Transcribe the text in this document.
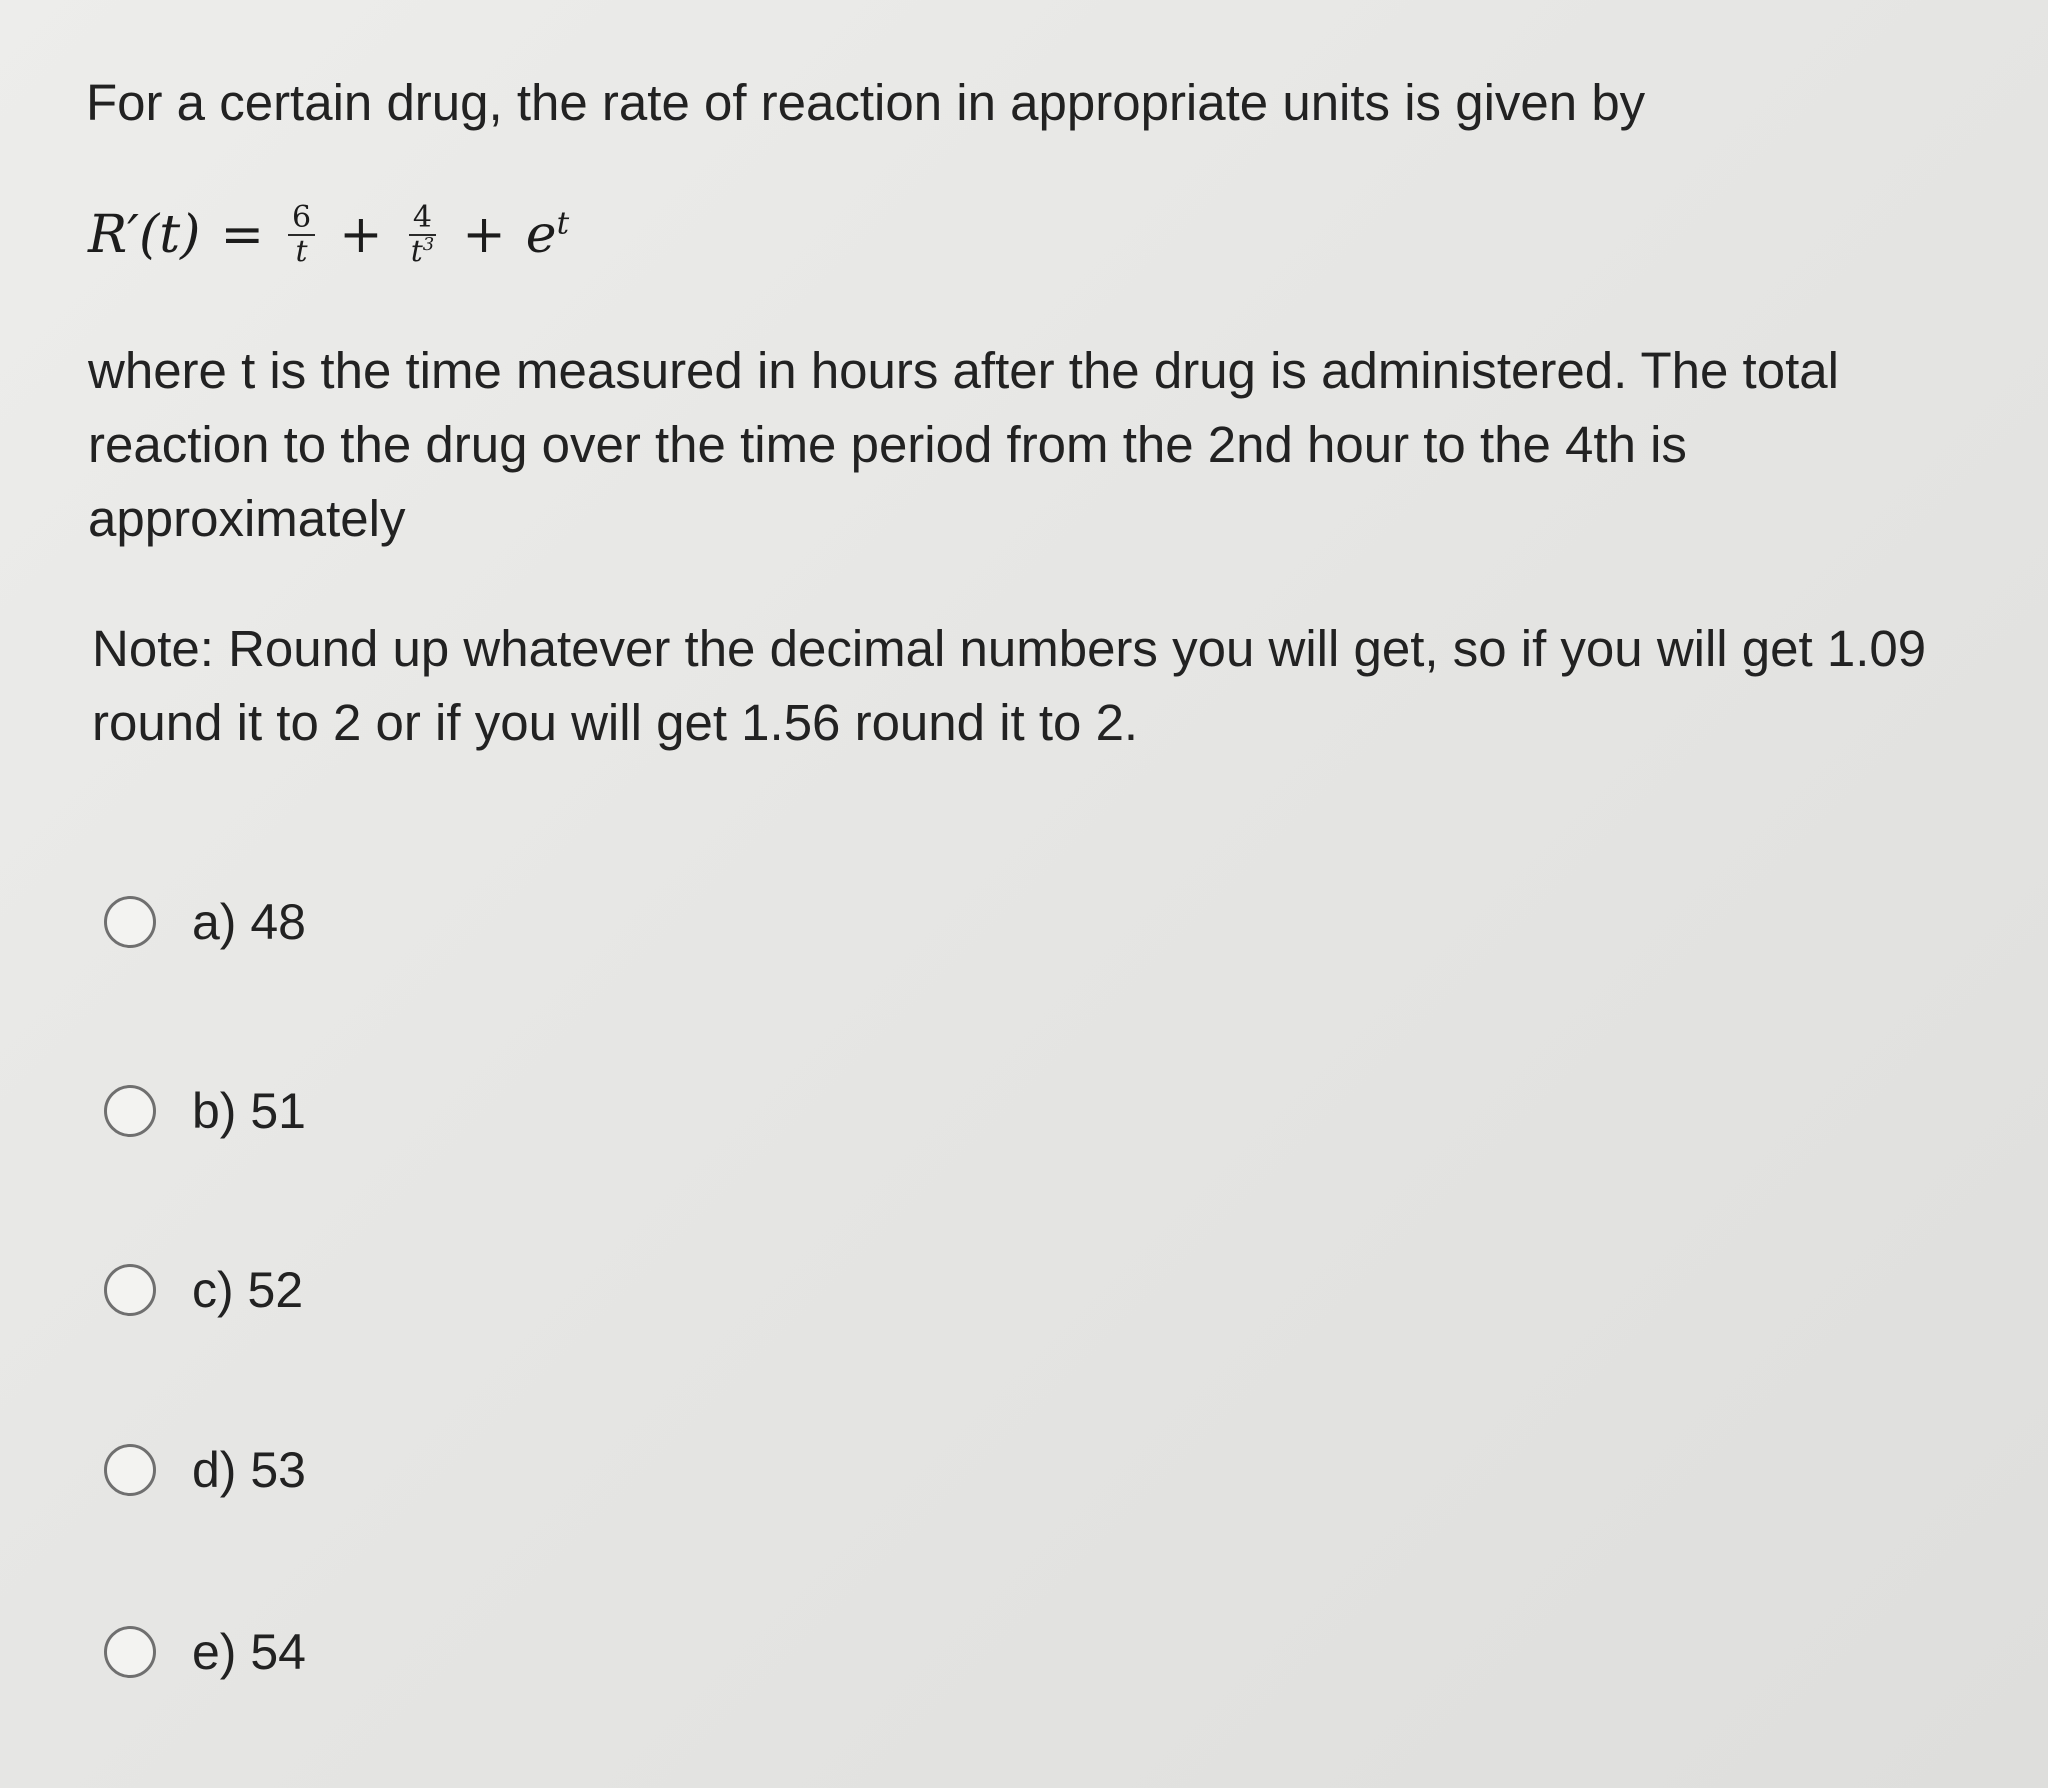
For a certain drug, the rate of reaction in appropriate units is given by
$R'(t) = \frac{6}{t} + \frac{4}{t^3} + e^t$
where t is the time measured in hours after the drug is administered. The total
reaction to the drug over the time period from the 2nd hour to the 4th is
approximately
Note: Round up whatever the decimal numbers you will get, so if you will get 1.09
round it to 2 or if you will get 1.56 round it to 2.
a) 48
b) 51
c) 52
d) 53
e) 54
